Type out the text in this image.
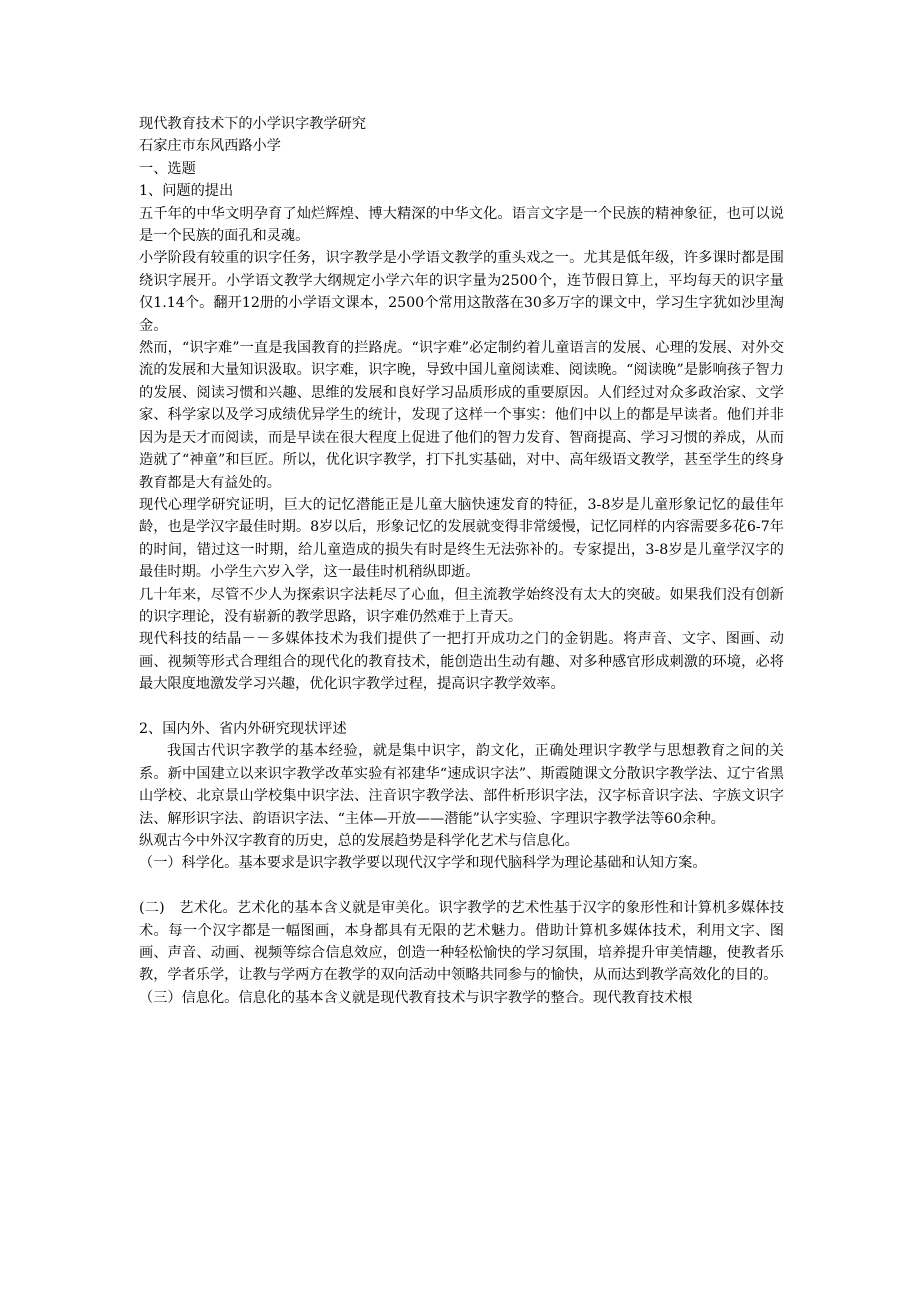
现代教育技术下的小学识字教学研究

石家庄市东风西路小学

一、选题

1、问题的提出

五千年的中华文明孕育了灿烂辉煌、博大精深的中华文化。语言文字是一个民族的精神象征，也可以说是一个民族的面孔和灵魂。

小学阶段有较重的识字任务，识字教学是小学语文教学的重头戏之一。尤其是低年级，许多课时都是围绕识字展开。小学语文教学大纲规定小学六年的识字量为2500个，连节假日算上，平均每天的识字量仅1.14个。翻开12册的小学语文课本，2500个常用这散落在30多万字的课文中，学习生字犹如沙里淘金。

然而，“识字难”一直是我国教育的拦路虎。“识字难”必定制约着儿童语言的发展、心理的发展、对外交流的发展和大量知识汲取。识字难，识字晚，导致中国儿童阅读难、阅读晚。“阅读晚”是影响孩子智力的发展、阅读习惯和兴趣、思维的发展和良好学习品质形成的重要原因。人们经过对众多政治家、文学家、科学家以及学习成绩优异学生的统计，发现了这样一个事实：他们中以上的都是早读者。他们并非因为是天才而阅读，而是早读在很大程度上促进了他们的智力发育、智商提高、学习习惯的养成，从而造就了“神童”和巨匠。所以，优化识字教学，打下扎实基础，对中、高年级语文教学，甚至学生的终身教育都是大有益处的。

现代心理学研究证明，巨大的记忆潜能正是儿童大脑快速发育的特征，3-8岁是儿童形象记忆的最佳年龄，也是学汉字最佳时期。8岁以后，形象记忆的发展就变得非常缓慢，记忆同样的内容需要多花6-7年的时间，错过这一时期，给儿童造成的损失有时是终生无法弥补的。专家提出，3-8岁是儿童学汉字的最佳时期。小学生六岁入学，这一最佳时机稍纵即逝。

几十年来，尽管不少人为探索识字法耗尽了心血，但主流教学始终没有太大的突破。如果我们没有创新的识字理论，没有崭新的教学思路，识字难仍然难于上青天。

现代科技的结晶－－多媒体技术为我们提供了一把打开成功之门的金钥匙。将声音、文字、图画、动画、视频等形式合理组合的现代化的教育技术，能创造出生动有趣、对多种感官形成刺激的环境，必将最大限度地激发学习兴趣，优化识字教学过程，提高识字教学效率。

2、国内外、省内外研究现状评述

我国古代识字教学的基本经验，就是集中识字，韵文化，正确处理识字教学与思想教育之间的关系。新中国建立以来识字教学改革实验有祁建华“速成识字法”、斯霞随课文分散识字教学法、辽宁省黑山学校、北京景山学校集中识字法、注音识字教学法、部件析形识字法，汉字标音识字法、字族文识字法、解形识字法、韵语识字法、“主体—开放——潜能”认字实验、字理识字教学法等60余种。

纵观古今中外汉字教育的历史，总的发展趋势是科学化艺术与信息化。

（一）科学化。基本要求是识字教学要以现代汉字学和现代脑科学为理论基础和认知方案。

(二)　艺术化。艺术化的基本含义就是审美化。识字教学的艺术性基于汉字的象形性和计算机多媒体技术。每一个汉字都是一幅图画，本身都具有无限的艺术魅力。借助计算机多媒体技术，利用文字、图画、声音、动画、视频等综合信息效应，创造一种轻松愉快的学习氛围，培养提升审美情趣，使教者乐教，学者乐学，让教与学两方在教学的双向活动中领略共同参与的愉快，从而达到教学高效化的目的。

（三）信息化。信息化的基本含义就是现代教育技术与识字教学的整合。现代教育技术根
